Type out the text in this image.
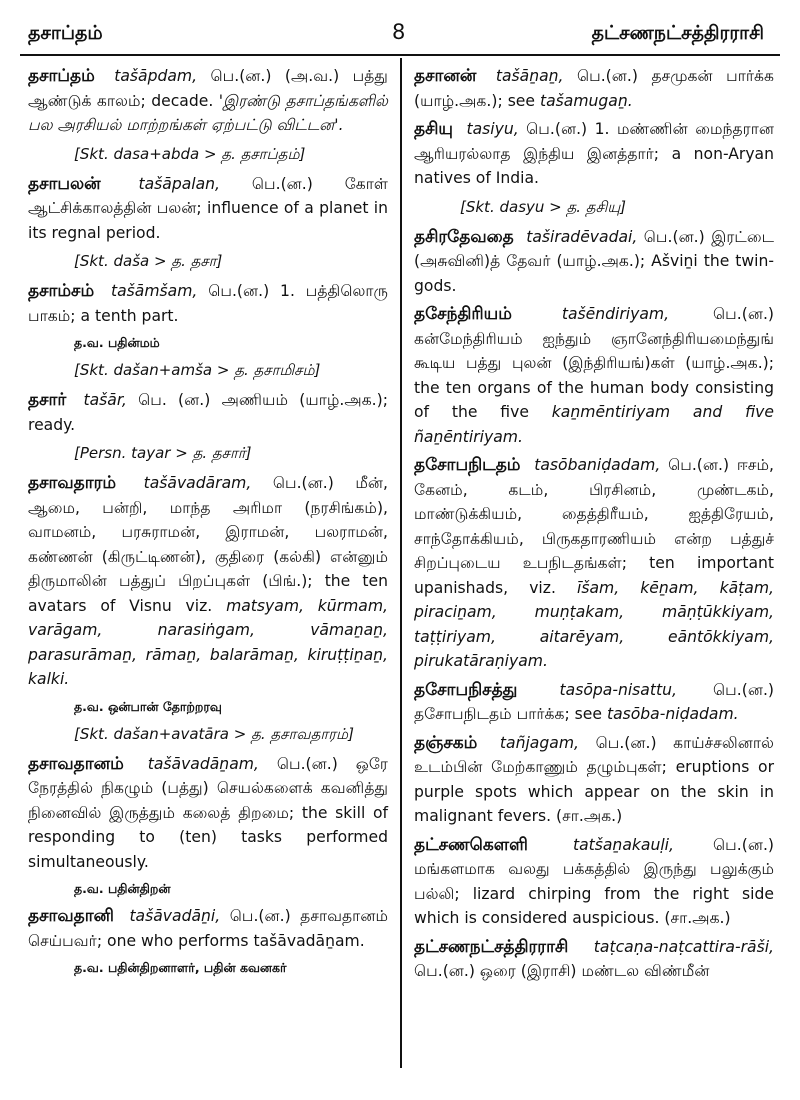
தசாப்தம்	8	தட்சணநட்சத்திரராசி
தசாப்தம் tašāpdam, பெ.(ன.) (அ.வ.) பத்து ஆண்டுக் காலம்; decade. 'இரண்டு தசாப்தங்களில் பல அரசியல் மாற்றங்கள் ஏற்பட்டு விட்டன'.
[Skt. dasa+abda > த. தசாப்தம்]
தசாபலன் tašāpalan, பெ.(ன.) கோள் ஆட்சிக்காலத்தின் பலன்; influence of a planet in its regnal period.
[Skt. daša > த. தசா]
தசாம்சம் tašāmšam, பெ.(ன.) 1. பத்திலொரு பாகம்; a tenth part.
த.வ. பதின்மம்
[Skt. dašan+amša > த. தசாமிசம்]
தசார் tašār, பெ. (ன.) அணியம் (யாழ்.அக.); ready.
[Persn. tayar > த. தசார்]
தசாவதாரம் tašāvadāram, பெ.(ன.) மீன், ஆமை, பன்றி, மாந்த அரிமா (நரசிங்கம்), வாமனம், பரசுராமன், இராமன், பலராமன், கண்ணன் (கிருட்டிணன்), குதிரை (கல்கி) என்னும் திருமாலின் பத்துப் பிறப்புகள் (பிங்.); the ten avatars of Visnu viz. matsyam, kūrmam, varāgam, narasiṅgam, vāmaṉaṉ, parasurāmaṉ, rāmaṉ, balarāmaṉ, kiruṭṭiṉaṉ, kalki.
த.வ. ஒன்பான் தோற்றரவு
[Skt. dašan+avatāra > த. தசாவதாரம்]
தசாவதானம் tašāvadāṉam, பெ.(ன.) ஒரே நேரத்தில் நிகழும் (பத்து) செயல்களைக் கவனித்து நினைவில் இருத்தும் கலைத் திறமை; the skill of responding to (ten) tasks performed simultaneously.
த.வ. பதின்திறன்
தசாவதானி tašāvadāṉi, பெ.(ன.) தசாவதானம் செய்பவர்; one who performs tašāvadāṉam.
த.வ. பதின்திறனாளர், பதின் கவனகர்
தசானன் tašāṉaṉ, பெ.(ன.) தசமுகன் பார்க்க (யாழ்.அக.); see tašamugaṉ.
தசியு tasiyu, பெ.(ன.) 1. மண்ணின் மைந்தரான ஆரியரல்லாத இந்திய இனத்தார்; a non-Aryan natives of India.
[Skt. dasyu > த. தசியு]
தசிரதேவதை taširadēvadai, பெ.(ன.) இரட்டை (அசுவினி)த் தேவர் (யாழ்.அக.); Ašviṉi the twin-gods.
தசேந்திரியம்	tašēndiriyam,	பெ.(ன.) கன்மேந்திரியம் ஐந்தும் ஞானேந்திரியமைந்துங் கூடிய பத்து புலன் (இந்திரியங்)கள் (யாழ்.அக.); the ten organs of the human body consisting of the five kaṉmēntiriyam and five ñaṉēntiriyam.
தசோபநிடதம் tasōbaniḍadam, பெ.(ன.) ஈசம், கேனம், கடம், பிரசினம், முண்டகம், மாண்டுக்கியம், தைத்திரீயம், ஐத்திரேயம், சாந்தோக்கியம், பிருகதாரணியம் என்ற பத்துச் சிறப்புடைய உபநிடதங்கள்; ten important upanishads, viz. īšam, kēṉam, kāṭam, piraciṉam, muṇṭakam, māṇṭūkkiyam, taṭṭiriyam, aitarēyam, eāntōkkiyam, pirukatāraṇiyam.
தசோபநிசத்து	tasōpa-nisattu, பெ.(ன.) தசோபநிடதம் பார்க்க; see tasōba-niḍadam.
தஞ்சகம் tañjagam, பெ.(ன.) காய்ச்சலினால் உடம்பின் மேற்காணும் தழும்புகள்; eruptions or purple spots which appear on the skin in malignant fevers. (சா.அக.)
தட்சணகௌளி	tatšaṉakauḷi,	பெ.(ன.) மங்களமாக வலது பக்கத்தில் இருந்து பலுக்கும் பல்லி; lizard chirping from the right side which is considered auspicious. (சா.அக.)
தட்சணநட்சத்திரராசி taṭcaṇa-naṭcattira-rāši, பெ.(ன.) ஒரை (இராசி) மண்டல விண்மீன்
